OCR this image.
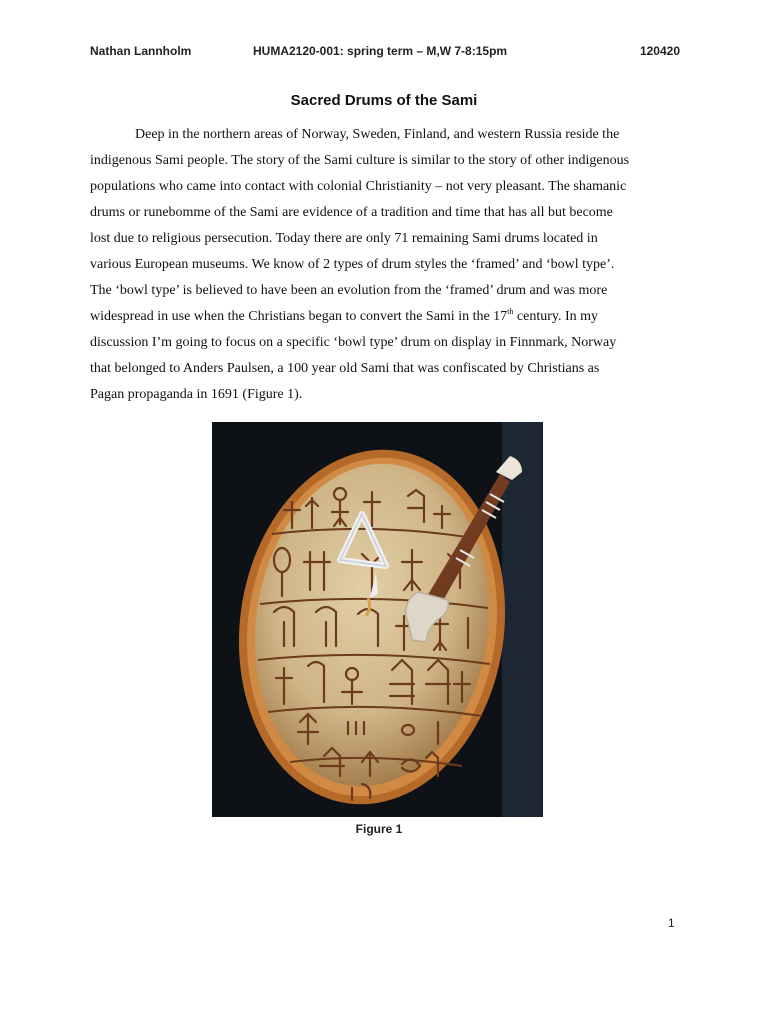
Nathan Lannholm	HUMA2120-001: spring term – M,W 7-8:15pm	120420
Sacred Drums of the Sami
Deep in the northern areas of Norway, Sweden, Finland, and western Russia reside the
indigenous Sami people. The story of the Sami culture is similar to the story of other indigenous
populations who came into contact with colonial Christianity – not very pleasant. The shamanic
drums or runebomme of the Sami are evidence of a tradition and time that has all but become
lost due to religious persecution. Today there are only 71 remaining Sami drums located in
various European museums. We know of 2 types of drum styles the ‘framed’ and ‘bowl type’.
The ‘bowl type’ is believed to have been an evolution from the ‘framed’ drum and was more
widespread in use when the Christians began to convert the Sami in the 17th century. In my
discussion I’m going to focus on a specific ‘bowl type’ drum on display in Finnmark, Norway
that belonged to Anders Paulsen, a 100 year old Sami that was confiscated by Christians as
Pagan propaganda in 1691 (Figure 1).
Figure 1
1
